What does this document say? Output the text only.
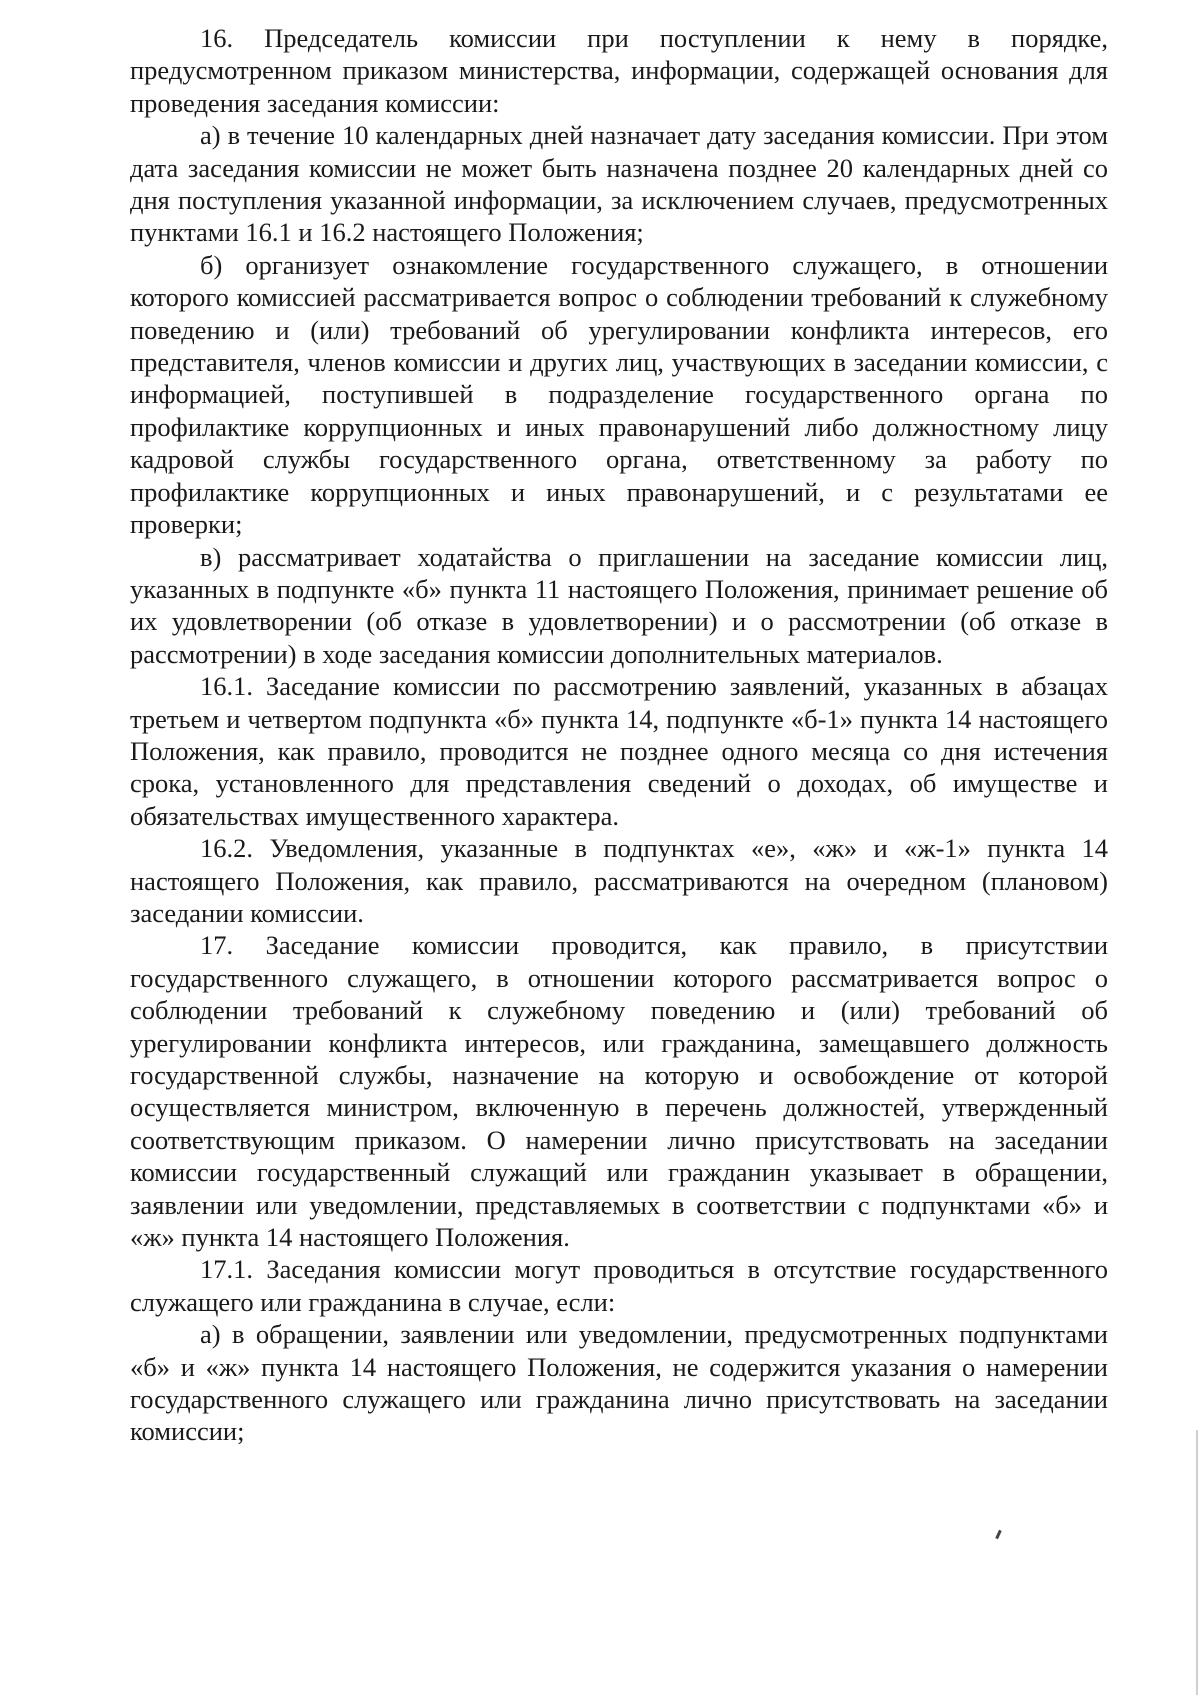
16. Председатель комиссии при поступлении к нему в порядке, предусмотренном приказом министерства, информации, содержащей основания для проведения заседания комиссии:

а) в течение 10 календарных дней назначает дату заседания комиссии. При этом дата заседания комиссии не может быть назначена позднее 20 календарных дней со дня поступления указанной информации, за исключением случаев, предусмотренных пунктами 16.1 и 16.2 настоящего Положения;

б) организует ознакомление государственного служащего, в отношении которого комиссией рассматривается вопрос о соблюдении требований к служебному поведению и (или) требований об урегулировании конфликта интересов, его представителя, членов комиссии и других лиц, участвующих в заседании комиссии, с информацией, поступившей в подразделение государственного органа по профилактике коррупционных и иных правонарушений либо должностному лицу кадровой службы государственного органа, ответственному за работу по профилактике коррупционных и иных правонарушений, и с результатами ее проверки;

в) рассматривает ходатайства о приглашении на заседание комиссии лиц, указанных в подпункте «б» пункта 11 настоящего Положения, принимает решение об их удовлетворении (об отказе в удовлетворении) и о рассмотрении (об отказе в рассмотрении) в ходе заседания комиссии дополнительных материалов.

16.1. Заседание комиссии по рассмотрению заявлений, указанных в абзацах третьем и четвертом подпункта «б» пункта 14, подпункте «б-1» пункта 14 настоящего Положения, как правило, проводится не позднее одного месяца со дня истечения срока, установленного для представления сведений о доходах, об имуществе и обязательствах имущественного характера.

16.2. Уведомления, указанные в подпунктах «е», «ж» и «ж-1» пункта 14 настоящего Положения, как правило, рассматриваются на очередном (плановом) заседании комиссии.

17. Заседание комиссии проводится, как правило, в присутствии государственного служащего, в отношении которого рассматривается вопрос о соблюдении требований к служебному поведению и (или) требований об урегулировании конфликта интересов, или гражданина, замещавшего должность государственной службы, назначение на которую и освобождение от которой осуществляется министром, включенную в перечень должностей, утвержденный соответствующим приказом. О намерении лично присутствовать на заседании комиссии государственный служащий или гражданин указывает в обращении, заявлении или уведомлении, представляемых в соответствии с подпунктами «б» и «ж» пункта 14 настоящего Положения.

17.1. Заседания комиссии могут проводиться в отсутствие государственного служащего или гражданина в случае, если:

а) в обращении, заявлении или уведомлении, предусмотренных подпунктами «б» и «ж» пункта 14 настоящего Положения, не содержится указания о намерении государственного служащего или гражданина лично присутствовать на заседании комиссии;
